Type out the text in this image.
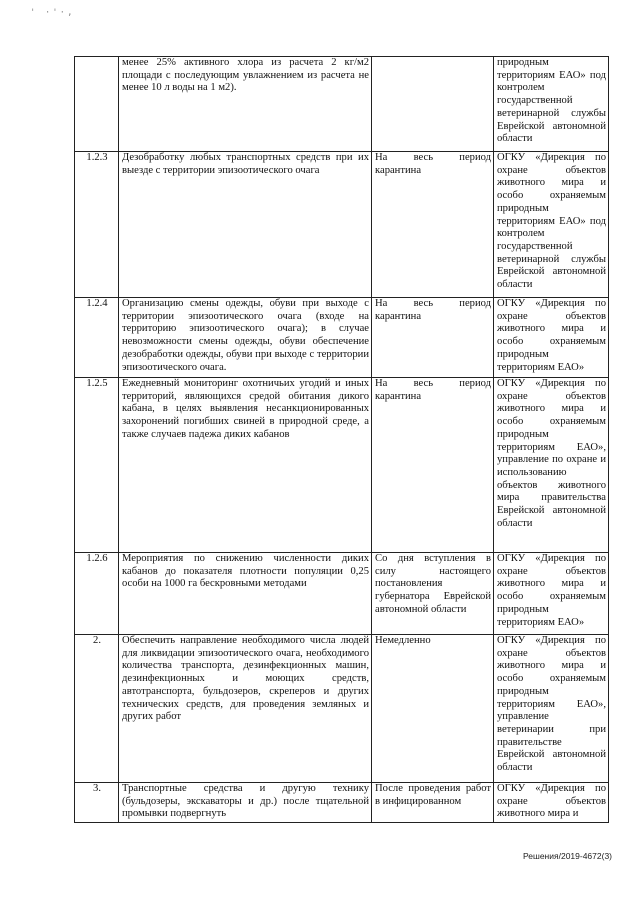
' ·'·,
	менее 25% активного хлора из расчета 2 кг/м2 площади с последующим увлажнением из расчета не менее 10 л воды на 1 м2).		природным территориям ЕАО» под контролем государственной ветеринарной службы Еврейской автономной области
1.2.3	Дезобработку любых транспортных средств при их выезде с территории эпизоотического очага	На весь период карантина	ОГКУ «Дирекция по охране объектов животного мира и особо охраняемым природным территориям ЕАО» под контролем государственной ветеринарной службы Еврейской автономной области
1.2.4	Организацию смены одежды, обуви при выходе с территории эпизоотического очага (входе на территорию эпизоотического очага); в случае невозможности смены одежды, обуви обеспечение дезобработки одежды, обуви при выходе с территории эпизоотического очага.	На весь период карантина	ОГКУ «Дирекция по охране объектов животного мира и особо охраняемым природным территориям ЕАО»
1.2.5	Ежедневный мониторинг охотничьих угодий и иных территорий, являющихся средой обитания дикого кабана, в целях выявления несанкционированных захоронений погибших свиней в природной среде, а также случаев падежа диких кабанов	На весь период карантина	ОГКУ «Дирекция по охране объектов животного мира и особо охраняемым природным территориям ЕАО», управление по охране и использованию объектов животного мира правительства Еврейской автономной области
1.2.6	Мероприятия по снижению численности диких кабанов до показателя плотности популяции 0,25 особи на 1000 га бескровными методами	Со дня вступления в силу настоящего постановления губернатора Еврейской автономной области	ОГКУ «Дирекция по охране объектов животного мира и особо охраняемым природным территориям ЕАО»
2.	Обеспечить направление необходимого числа людей для ликвидации эпизоотического очага, необходимого количества транспорта, дезинфекционных машин, дезинфекционных и моющих средств, автотранспорта, бульдозеров, скреперов и других технических средств, для проведения земляных и других работ	Немедленно	ОГКУ «Дирекция по охране объектов животного мира и особо охраняемым природным территориям ЕАО», управление ветеринарии при правительстве Еврейской автономной области
3.	Транспортные средства и другую технику (бульдозеры, экскаваторы и др.) после тщательной промывки подвергнуть	После проведения работ в инфицированном	ОГКУ «Дирекция по охране объектов животного мира и
Решения/2019-4672(3)
